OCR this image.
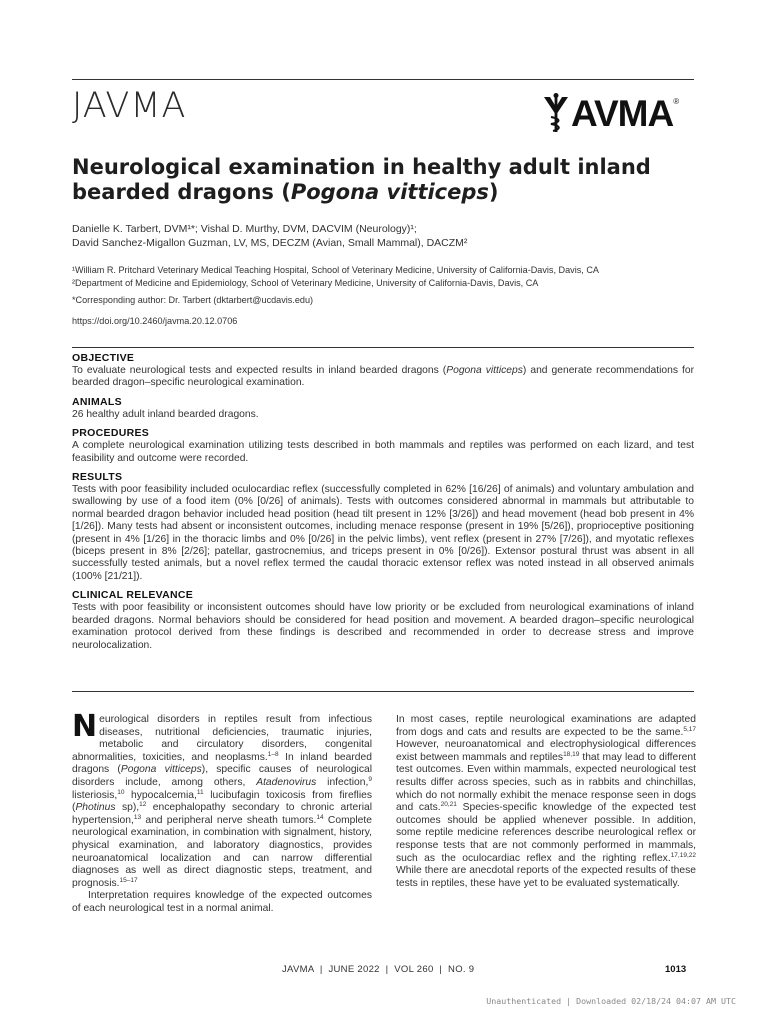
JAVMA	AVMA ®
Neurological examination in healthy adult inland bearded dragons (Pogona vitticeps)
Danielle K. Tarbert, DVM¹*; Vishal D. Murthy, DVM, DACVIM (Neurology)¹;
David Sanchez-Migallon Guzman, LV, MS, DECZM (Avian, Small Mammal), DACZM²
¹William R. Pritchard Veterinary Medical Teaching Hospital, School of Veterinary Medicine, University of California-Davis, Davis, CA
²Department of Medicine and Epidemiology, School of Veterinary Medicine, University of California-Davis, Davis, CA
*Corresponding author: Dr. Tarbert (dktarbert@ucdavis.edu)
https://doi.org/10.2460/javma.20.12.0706
OBJECTIVE
To evaluate neurological tests and expected results in inland bearded dragons (Pogona vitticeps) and generate recommendations for bearded dragon–specific neurological examination.
ANIMALS
26 healthy adult inland bearded dragons.
PROCEDURES
A complete neurological examination utilizing tests described in both mammals and reptiles was performed on each lizard, and test feasibility and outcome were recorded.
RESULTS
Tests with poor feasibility included oculocardiac reflex (successfully completed in 62% [16/26] of animals) and voluntary ambulation and swallowing by use of a food item (0% [0/26] of animals). Tests with outcomes considered abnormal in mammals but attributable to normal bearded dragon behavior included head position (head tilt present in 12% [3/26]) and head movement (head bob present in 4% [1/26]). Many tests had absent or inconsistent outcomes, including menace response (present in 19% [5/26]), proprioceptive positioning (present in 4% [1/26] in the thoracic limbs and 0% [0/26] in the pelvic limbs), vent reflex (present in 27% [7/26]), and myotatic reflexes (biceps present in 8% [2/26]; patellar, gastrocnemius, and triceps present in 0% [0/26]). Extensor postural thrust was absent in all successfully tested animals, but a novel reflex termed the caudal thoracic extensor reflex was noted instead in all observed animals (100% [21/21]).
CLINICAL RELEVANCE
Tests with poor feasibility or inconsistent outcomes should have low priority or be excluded from neurological examinations of inland bearded dragons. Normal behaviors should be considered for head position and movement. A bearded dragon–specific neurological examination protocol derived from these findings is described and recommended in order to decrease stress and improve neurolocalization.

Neurological disorders in reptiles result from infectious diseases, nutritional deficiencies, traumatic injuries, metabolic and circulatory disorders, congenital abnormalities, toxicities, and neoplasms.$^{1-8}$ In inland bearded dragons (Pogona vitticeps), specific causes of neurological disorders include, among others, Atadenovirus infection,$^9$ listeriosis,$^{10}$ hypocalcemia,$^{11}$ lucibufagin toxicosis from fireflies (Photinus sp),$^{12}$ encephalopathy secondary to chronic arterial hypertension,$^{13}$ and peripheral nerve sheath tumors.$^{14}$ Complete neurological examination, in combination with signalment, history, physical examination, and laboratory diagnostics, provides neuroanatomical localization and can narrow differential diagnoses as well as direct diagnostic steps, treatment, and prognosis.$^{15-17}$

Interpretation requires knowledge of the expected outcomes of each neurological test in a normal animal.

In most cases, reptile neurological examinations are adapted from dogs and cats and results are expected to be the same.$^{5,17}$ However, neuroanatomical and electrophysiological differences exist between mammals and reptiles$^{18,19}$ that may lead to different test outcomes. Even within mammals, expected neurological test results differ across species, such as in rabbits and chinchillas, which do not normally exhibit the menace response seen in dogs and cats.$^{20,21}$ Species-specific knowledge of the expected test outcomes should be applied whenever possible. In addition, some reptile medicine references describe neurological reflex or response tests that are not commonly performed in mammals, such as the oculocardiac reflex and the righting reflex.$^{17,19,22}$ While there are anecdotal reports of the expected results of these tests in reptiles, these have yet to be evaluated systematically.

JAVMA  |  JUNE 2022  |  VOL 260  |  NO. 9	1013
Unauthenticated | Downloaded 02/18/24 04:07 AM UTC
